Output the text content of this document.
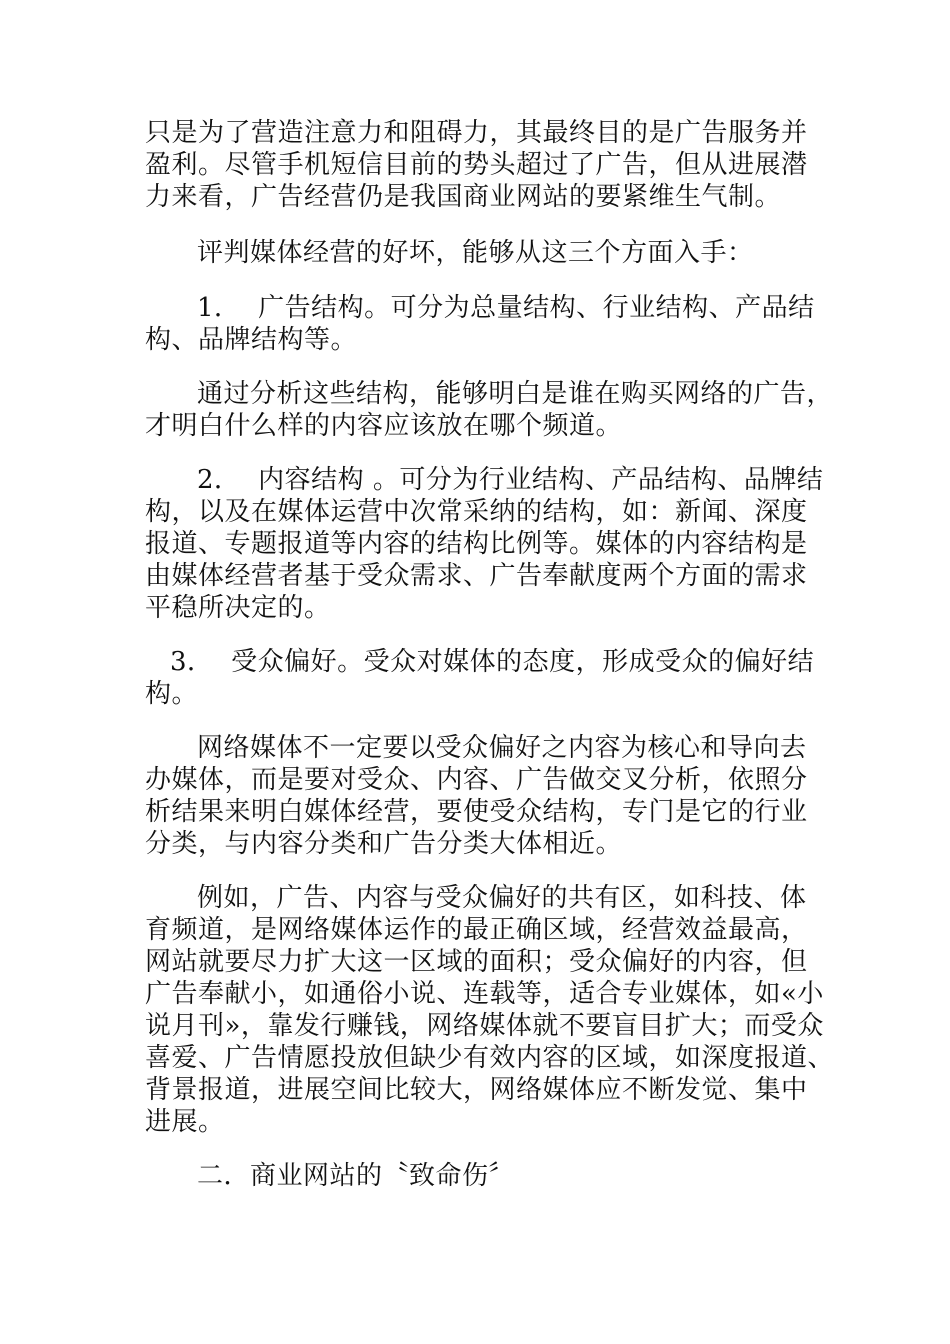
只是为了营造注意力和阻碍力，其最终目的是广告服务并
盈利。尽管手机短信目前的势头超过了广告，但从进展潜
力来看，广告经营仍是我国商业网站的要紧维生气制。
评判媒体经营的好坏，能够从这三个方面入手：
1．  广告结构。可分为总量结构、行业结构、产品结
构、品牌结构等。
通过分析这些结构，能够明白是谁在购买网络的广告，
才明白什么样的内容应该放在哪个频道。
2．  内容结构 。可分为行业结构、产品结构、品牌结
构，以及在媒体运营中次常采纳的结构，如：新闻、深度
报道、专题报道等内容的结构比例等。媒体的内容结构是
由媒体经营者基于受众需求、广告奉献度两个方面的需求
平稳所决定的。
3．  受众偏好。受众对媒体的态度，形成受众的偏好结
构。
网络媒体不一定要以受众偏好之内容为核心和导向去
办媒体，而是要对受众、内容、广告做交叉分析，依照分
析结果来明白媒体经营，要使受众结构，专门是它的行业
分类，与内容分类和广告分类大体相近。
例如，广告、内容与受众偏好的共有区，如科技、体
育频道，是网络媒体运作的最正确区域，经营效益最高，
网站就要尽力扩大这一区域的面积；受众偏好的内容，但
广告奉献小，如通俗小说、连载等，适合专业媒体，如«小
说月刊»，靠发行赚钱，网络媒体就不要盲目扩大；而受众
喜爱、广告情愿投放但缺少有效内容的区域，如深度报道、
背景报道，进展空间比较大，网络媒体应不断发觉、集中
进展。
二．商业网站的〝致命伤〞
